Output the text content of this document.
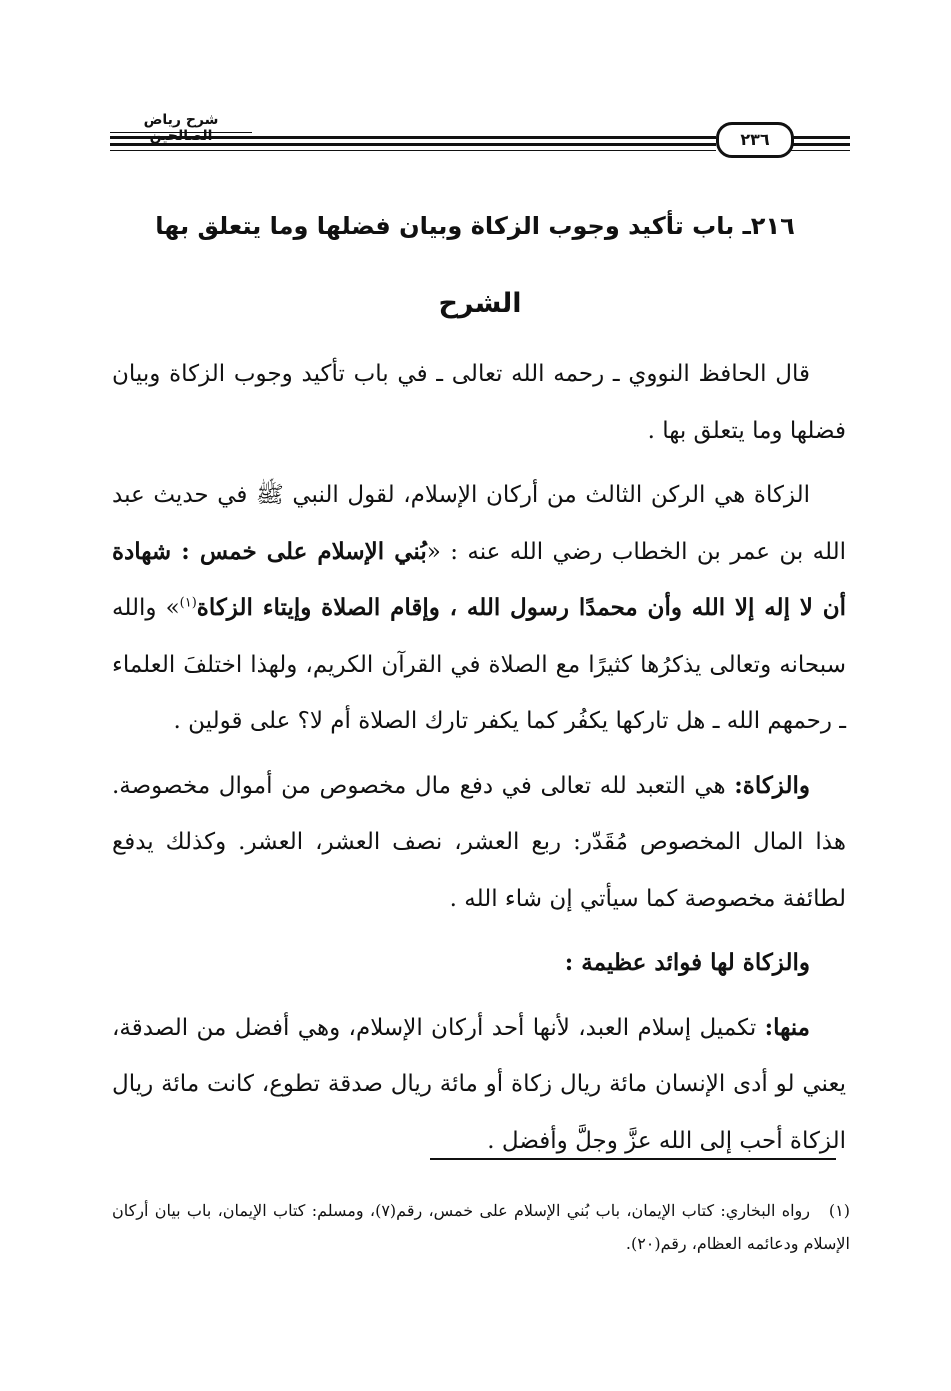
شرح رياض الصالحين	٢٣٦
٢١٦ـ باب تأكيد وجوب الزكاة وبيان فضلها وما يتعلق بها
الشرح

قال الحافظ النووي ـ رحمه الله تعالى ـ في باب تأكيد وجوب الزكاة وبيان فضلها وما يتعلق بها .

الزكاة هي الركن الثالث من أركان الإسلام، لقول النبي ﷺ في حديث عبد الله بن عمر بن الخطاب رضي الله عنه : «بُني الإسلام على خمس : شهادة أن لا إله إلا الله وأن محمدًا رسول الله ، وإقام الصلاة وإيتاء الزكاة$^{(١)}$» والله سبحانه وتعالى يذكرُها كثيرًا مع الصلاة في القرآن الكريم، ولهذا اختلفَ العلماء ـ رحمهم الله ـ هل تاركها يكفُر كما يكفر تارك الصلاة أم لا؟ على قولين .

والزكاة: هي التعبد لله تعالى في دفع مال مخصوص من أموال مخصوصة. هذا المال المخصوص مُقَدّر: ربع العشر، نصف العشر، العشر. وكذلك يدفع لطائفة مخصوصة كما سيأتي إن شاء الله .

والزكاة لها فوائد عظيمة :

منها: تكميل إسلام العبد، لأنها أحد أركان الإسلام، وهي أفضل من الصدقة، يعني لو أدى الإنسان مائة ريال زكاة أو مائة ريال صدقة تطوع، كانت مائة ريال الزكاة أحب إلى الله عزَّ وجلَّ وأفضل .

(١)   رواه البخاري: كتاب الإيمان، باب بُني الإسلام على خمس، رقم(٧)، ومسلم: كتاب الإيمان، باب بيان أركان الإسلام ودعائمه العظام، رقم(٢٠).
